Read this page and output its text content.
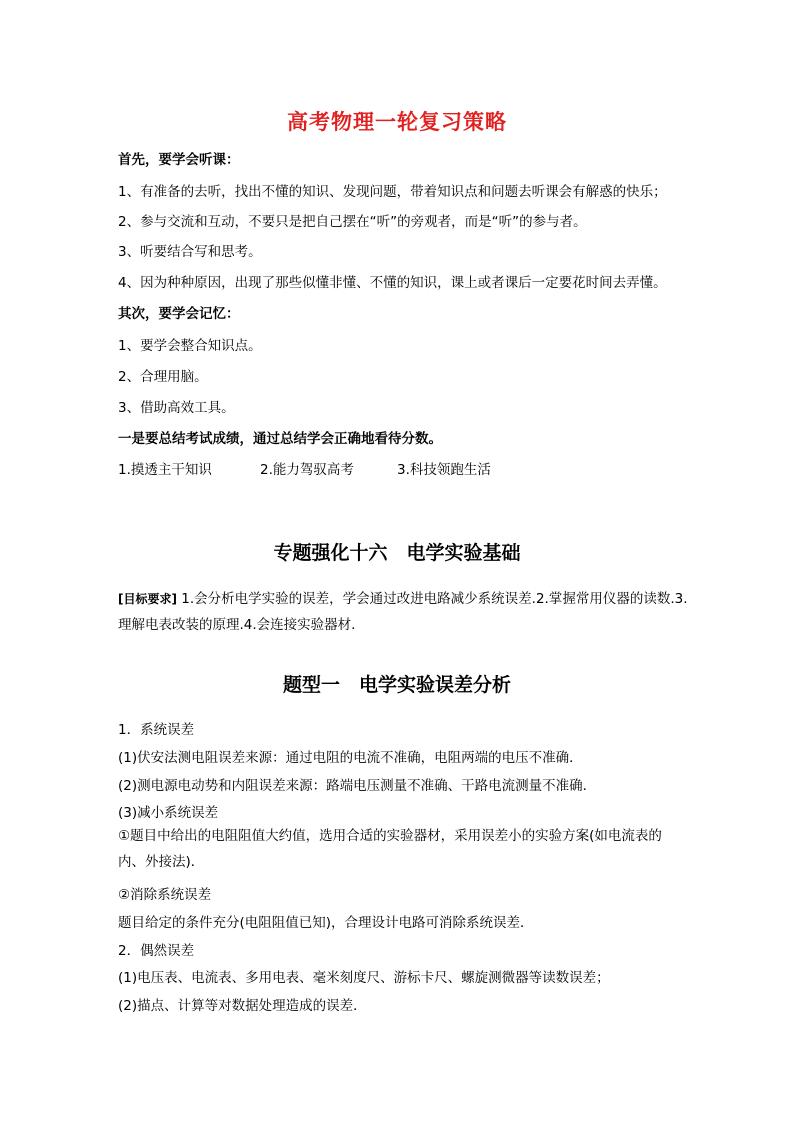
高考物理一轮复习策略
首先，要学会听课：
1、有准备的去听，找出不懂的知识、发现问题，带着知识点和问题去听课会有解惑的快乐；
2、参与交流和互动，不要只是把自己摆在“听”的旁观者，而是“听”的参与者。
3、听要结合写和思考。
4、因为种种原因，出现了那些似懂非懂、不懂的知识，课上或者课后一定要花时间去弄懂。
其次，要学会记忆：
1、要学会整合知识点。
2、合理用脑。
3、借助高效工具。
一是要总结考试成绩，通过总结学会正确地看待分数。
1.摸透主干知识	2.能力驾驭高考	3.科技领跑生活
专题强化十六　电学实验基础
[目标要求] 1.会分析电学实验的误差，学会通过改进电路减少系统误差.2.掌握常用仪器的读数.3.理解电表改装的原理.4.会连接实验器材.
题型一　电学实验误差分析
1．系统误差
(1)伏安法测电阻误差来源：通过电阻的电流不准确，电阻两端的电压不准确．
(2)测电源电动势和内阻误差来源：路端电压测量不准确、干路电流测量不准确．
(3)减小系统误差
①题目中给出的电阻阻值大约值，选用合适的实验器材，采用误差小的实验方案(如电流表的内、外接法)．
②消除系统误差
题目给定的条件充分(电阻阻值已知)，合理设计电路可消除系统误差．
2．偶然误差
(1)电压表、电流表、多用电表、毫米刻度尺、游标卡尺、螺旋测微器等读数误差；
(2)描点、计算等对数据处理造成的误差．
